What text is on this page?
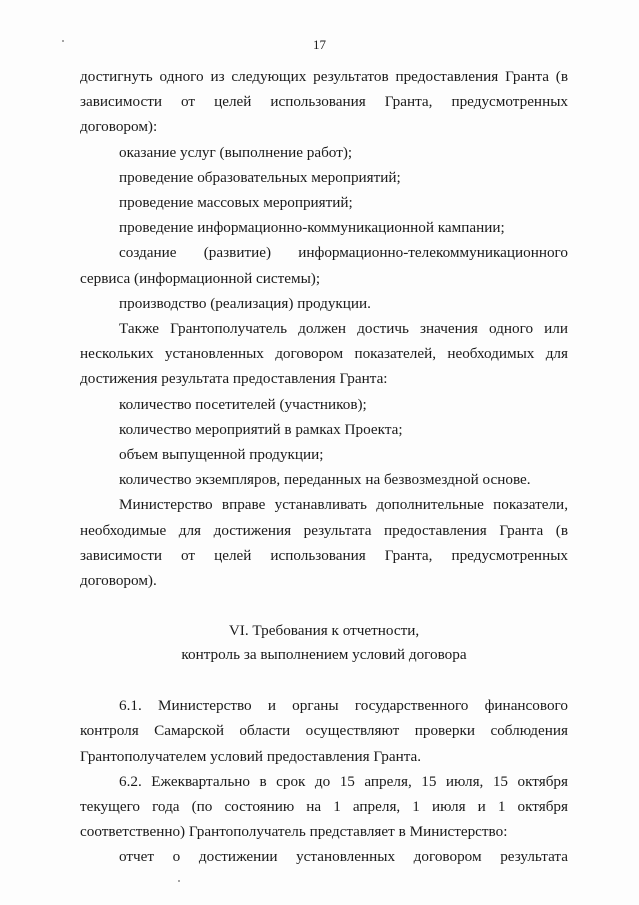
17

достигнуть одного из следующих результатов предоставления Гранта (в зависимости от целей использования Гранта, предусмотренных договором):

оказание услуг (выполнение работ);

проведение образовательных мероприятий;

проведение массовых мероприятий;

проведение информационно-коммуникационной кампании;

создание (развитие) информационно-телекоммуникационного сервиса (информационной системы);

производство (реализация) продукции.

Также Грантополучатель должен достичь значения одного или нескольких установленных договором показателей, необходимых для достижения результата предоставления Гранта:

количество посетителей (участников);

количество мероприятий в рамках Проекта;

объем выпущенной продукции;

количество экземпляров, переданных на безвозмездной основе.

Министерство вправе устанавливать дополнительные показатели, необходимые для достижения результата предоставления Гранта (в зависимости от целей использования Гранта, предусмотренных договором).

VI. Требования к отчетности,

контроль за выполнением условий договора

6.1. Министерство и органы государственного финансового контроля Самарской области осуществляют проверки соблюдения Грантополучателем условий предоставления Гранта.

6.2. Ежеквартально в срок до 15 апреля, 15 июля, 15 октября текущего года (по состоянию на 1 апреля, 1 июля и 1 октября соответственно) Грантополучатель представляет в Министерство:

отчет о достижении установленных договором результата
